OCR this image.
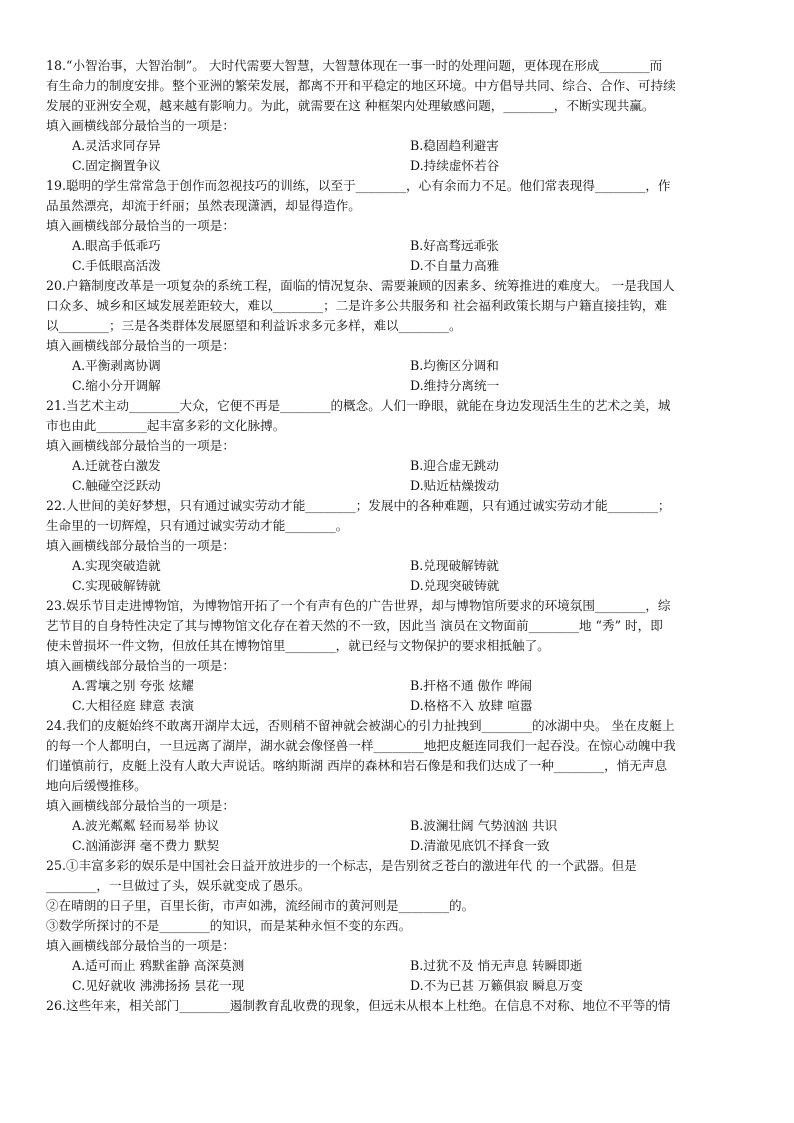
18.“小智治事，大智治制”。 大时代需要大智慧，大智慧体现在一事一时的处理问题，更体现在形成________而

有生命力的制度安排。整个亚洲的繁荣发展，都离不开和平稳定的地区环境。中方倡导共同、综合、合作、可持续

发展的亚洲安全观，越来越有影响力。为此，就需要在这 种框架内处理敏感问题，________，不断实现共赢。

填入画横线部分最恰当的一项是：

A.灵活求同存异	B.稳固趋利避害
C.固定搁置争议	D.持续虚怀若谷

19.聪明的学生常常急于创作而忽视技巧的训练，以至于________，心有余而力不足。他们常表现得________，作

品虽然漂亮，却流于纤丽；虽然表现潇洒，却显得造作。

填入画横线部分最恰当的一项是：

A.眼高手低乖巧	B.好高骛远乖张
C.手低眼高活泼	D.不自量力高雅

20.户籍制度改革是一项复杂的系统工程，面临的情况复杂、需要兼顾的因素多、统筹推进的难度大。 一是我国人

口众多、城乡和区域发展差距较大，难以________；二是许多公共服务和 社会福利政策长期与户籍直接挂钩，难

以________；三是各类群体发展愿望和利益诉求多元多样，难以________。

填入画横线部分最恰当的一项是：

A.平衡剥离协调	B.均衡区分调和
C.缩小分开调解	D.维持分离统一

21.当艺术主动________大众，它便不再是________的概念。人们一睁眼，就能在身边发现活生生的艺术之美，城

市也由此________起丰富多彩的文化脉搏。

填入画横线部分最恰当的一项是：

A.迁就苍白激发	B.迎合虚无跳动
C.触碰空泛跃动	D.贴近枯燥拨动

22.人世间的美好梦想，只有通过诚实劳动才能________；发展中的各种难题，只有通过诚实劳动才能________；

生命里的一切辉煌，只有通过诚实劳动才能________。

填入画横线部分最恰当的一项是：

A.实现突破造就	B.兑现破解铸就
C.实现破解铸就	D.兑现突破铸就

23.娱乐节目走进博物馆，为博物馆开拓了一个有声有色的广告世界，却与博物馆所要求的环境氛围________，综

艺节目的自身特性决定了其与博物馆文化存在着天然的不一致，因此当 演员在文物面前________地 “秀” 时，即

使未曾损坏一件文物，但放任其在博物馆里________，就已经与文物保护的要求相抵触了。

填入画横线部分最恰当的一项是：

A.霄壤之别 夸张 炫耀	B.扞格不通 傲作 哗闹
C.大相径庭 肆意 表演	D.格格不入 放肆 喧嚣

24.我们的皮艇始终不敢离开湖岸太远，否则稍不留神就会被湖心的引力扯拽到________的冰湖中央。 坐在皮艇上

的每一个人都明白，一旦远离了湖岸，湖水就会像怪兽一样________地把皮艇连同我们一起吞没。在惊心动魄中我

们谨慎前行，皮艇上没有人敢大声说话。喀纳斯湖 西岸的森林和岩石像是和我们达成了一种________，悄无声息

地向后缓慢推移。

填入画横线部分最恰当的一项是：

A.波光粼粼 轻而易举 协议	B.波澜壮阔 气势汹汹 共识
C.汹涌澎湃 毫不费力 默契	D.清澈见底饥不择食一致

25.①丰富多彩的娱乐是中国社会日益开放进步的一个标志，是告别贫乏苍白的激进年代 的一个武器。但是

________，一旦做过了头，娱乐就变成了愚乐。

②在晴朗的日子里，百里长街，市声如沸，流经闹市的黄河则是________的。

③数学所探讨的不是________的知识，而是某种永恒不变的东西。

填入画横线部分最恰当的一项是：

A.适可而止 鸦默雀静 高深莫测	B.过犹不及 悄无声息 转瞬即逝
C.见好就收 沸沸扬扬 昙花一现	D.不为已甚 万籁俱寂 瞬息万变

26.这些年来，相关部门________遏制教育乱收费的现象，但远未从根本上杜绝。在信息不对称、地位不平等的情
